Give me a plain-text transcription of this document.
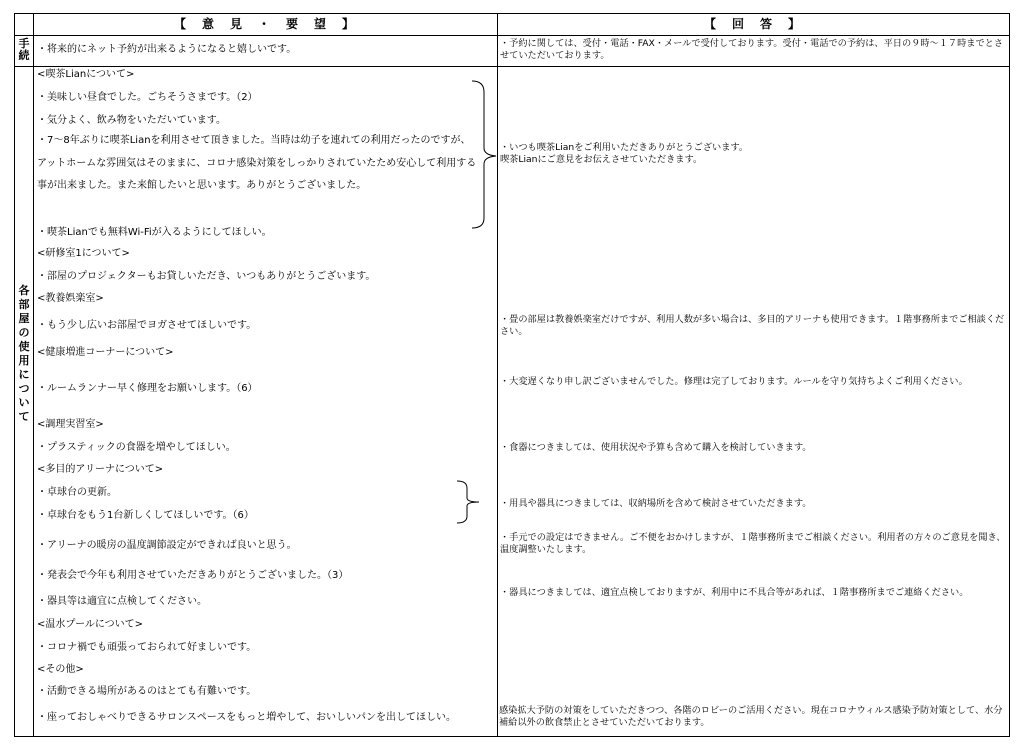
【　意　見　・　要　望　】	【　回　答　】
手
続
各
部
屋
の
使
用
に
つ
い
て
・将来的にネット予約が出来るようになると嬉しいです。
・予約に関しては、受付・電話・FAX・メールで受付しております。受付・電話での予約は、平日の９時～１７時までとさせていただいております。
<喫茶Lianについて>
・美味しい昼食でした。ごちそうさまです。（2）
・気分よく、飲み物をいただいています。
・7～8年ぶりに喫茶Lianを利用させて頂きました。当時は幼子を連れての利用だったのですが、アットホームな雰囲気はそのままに、コロナ感染対策をしっかりされていたため安心して利用する事が出来ました。また来館したいと思います。ありがとうございました。
・喫茶Lianでも無料Wi-Fiが入るようにしてほしい。
・いつも喫茶Lianをご利用いただきありがとうございます。
喫茶Lianにご意見をお伝えさせていただきます。
<研修室1について>
・部屋のプロジェクターもお貸しいただき、いつもありがとうございます。
<教養娯楽室>
・もう少し広いお部屋でヨガさせてほしいです。
・畳の部屋は教養娯楽室だけですが、利用人数が多い場合は、多目的アリーナも使用できます。１階事務所までご相談ください。
<健康増進コーナーについて>
・ルームランナー早く修理をお願いします。（6）
・大変遅くなり申し訳ございませんでした。修理は完了しております。ルールを守り気持ちよくご利用ください。
<調理実習室>
・プラスティックの食器を増やしてほしい。	・食器につきましては、使用状況や予算も含めて購入を検討していきます。
<多目的アリーナについて>
・卓球台の更新。
・卓球台をもう1台新しくしてほしいです。（6）
・用具や器具につきましては、収納場所を含めて検討させていただきます。
・アリーナの暖房の温度調節設定ができれば良いと思う。
・手元での設定はできません。ご不便をおかけしますが、１階事務所までご相談ください。利用者の方々のご意見を聞き、温度調整いたします。
・発表会で今年も利用させていただきありがとうございました。（3）
・器具等は適宜に点検してください。
・器具につきましては、適宜点検しておりますが、利用中に不具合等があれば、１階事務所までご連絡ください。
<温水プールについて>
・コロナ禍でも頑張っておられて好ましいです。
<その他>
・活動できる場所があるのはとても有難いです。
・座っておしゃべりできるサロンスペースをもっと増やして、おいしいパンを出してほしい。
感染拡大予防の対策をしていただきつつ、各階のロビーのご活用ください。現在コロナウィルス感染予防対策として、水分補給以外の飲食禁止とさせていただいております。
